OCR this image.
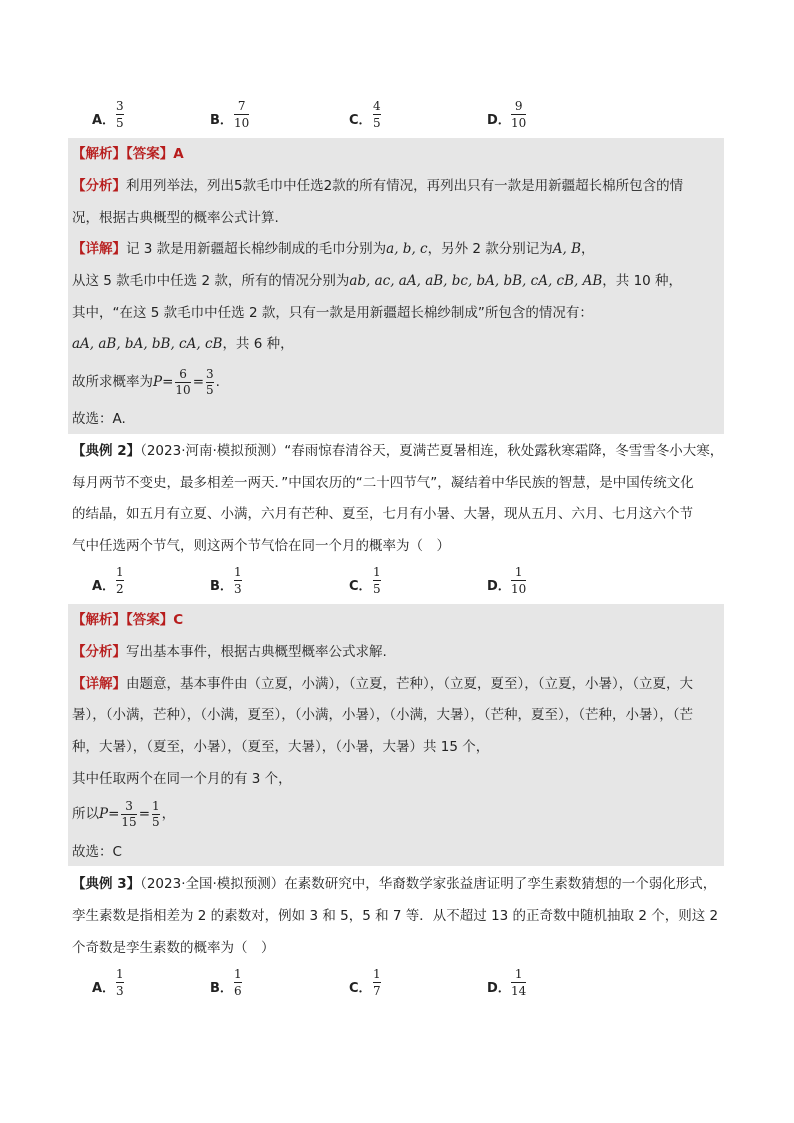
A．
3
5	B．
7
10	C．
4
5	D．
9
10
【解析】【答案】A
【分析】利用列举法，列出5款毛巾中任选2款的所有情况，再列出只有一款是用新疆超长棉所包含的情
况，根据古典概型的概率公式计算.
【详解】记 3 款是用新疆超长棉纱制成的毛巾分别为a, b, c，另外 2 款分别记为A, B，
从这 5 款毛巾中任选 2 款，所有的情况分别为ab, ac, aA, aB, bc, bA, bB, cA, cB, AB，共 10 种，
其中，“在这 5 款毛巾中任选 2 款，只有一款是用新疆超长棉纱制成”所包含的情况有：
aA, aB, bA, bB, cA, cB，共 6 种，
故所求概率为$P= \frac{6}{10} = \frac{3}{5}$ .
故选：A.
【典例 2】（2023·河南·模拟预测）“春雨惊春清谷天，夏满芒夏暑相连，秋处露秋寒霜降，冬雪雪冬小大寒，
每月两节不变史，最多相差一两天．”中国农历的“二十四节气”，凝结着中华民族的智慧，是中国传统文化
的结晶，如五月有立夏、小满，六月有芒种、夏至，七月有小暑、大暑，现从五月、六月、七月这六个节
气中任选两个节气，则这两个节气恰在同一个月的概率为（　）
A．
1
2	B．
1
3	C．
1
5	D．
1
10
【解析】【答案】C
【分析】写出基本事件，根据古典概型概率公式求解.
【详解】由题意，基本事件由（立夏，小满），（立夏，芒种），（立夏，夏至），（立夏，小暑），（立夏，大
暑），（小满，芒种），（小满，夏至），（小满，小暑），（小满，大暑），（芒种，夏至），（芒种，小暑），（芒
种，大暑），（夏至，小暑），（夏至，大暑），（小暑，大暑）共 15 个，
其中任取两个在同一个月的有 3 个，
所以$P= \frac{3}{15} = \frac{1}{5}$ ，
故选：C
【典例 3】（2023·全国·模拟预测）在素数研究中，华裔数学家张益唐证明了孪生素数猜想的一个弱化形式，
孪生素数是指相差为 2 的素数对，例如 3 和 5，5 和 7 等．从不超过 13 的正奇数中随机抽取 2 个，则这 2
个奇数是孪生素数的概率为（　）
A．
1
3	B．
1
6	C．
1
7	D．
1
14
